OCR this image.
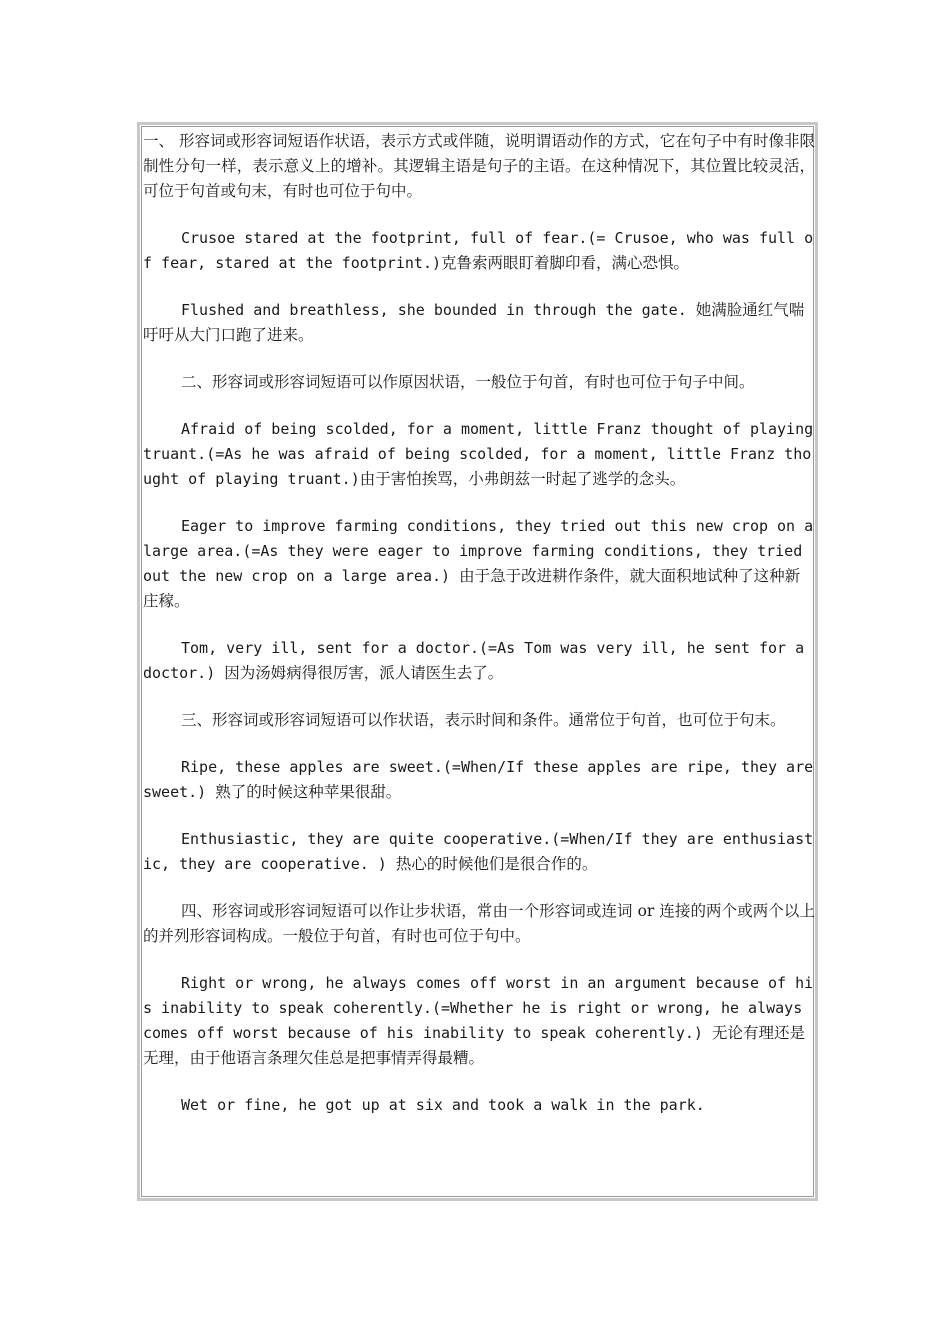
一、 形容词或形容词短语作状语，表示方式或伴随，说明谓语动作的方式，它在句子中有时像非限制性分句一样，表示意义上的增补。其逻辑主语是句子的主语。在这种情况下，其位置比较灵活，可位于句首或句末，有时也可位于句中。

Crusoe stared at the footprint, full of fear.(= Crusoe, who was full of fear, stared at the footprint.)克鲁索两眼盯着脚印看，满心恐惧。

Flushed and breathless, she bounded in through the gate. 她满脸通红气喘吁吁从大门口跑了进来。

二、形容词或形容词短语可以作原因状语，一般位于句首，有时也可位于句子中间。

Afraid of being scolded, for a moment, little Franz thought of playing truant.(=As he was afraid of being scolded, for a moment, little Franz thought of playing truant.)由于害怕挨骂，小弗朗兹一时起了逃学的念头。

Eager to improve farming conditions, they tried out this new crop on a large area.(=As they were eager to improve farming conditions, they tried out the new crop on a large area.) 由于急于改进耕作条件，就大面积地试种了这种新庄稼。

Tom, very ill, sent for a doctor.(=As Tom was very ill, he sent for a doctor.) 因为汤姆病得很厉害，派人请医生去了。

三、形容词或形容词短语可以作状语，表示时间和条件。通常位于句首，也可位于句末。

Ripe, these apples are sweet.(=When/If these apples are ripe, they are sweet.) 熟了的时候这种苹果很甜。

Enthusiastic, they are quite cooperative.(=When/If they are enthusiastic, they are cooperative. ) 热心的时候他们是很合作的。

四、形容词或形容词短语可以作让步状语，常由一个形容词或连词 or 连接的两个或两个以上的并列形容词构成。一般位于句首，有时也可位于句中。

Right or wrong, he always comes off worst in an argument because of his inability to speak coherently.(=Whether he is right or wrong, he always comes off worst because of his inability to speak coherently.) 无论有理还是无理，由于他语言条理欠佳总是把事情弄得最糟。

Wet or fine, he got up at six and took a walk in the park.
